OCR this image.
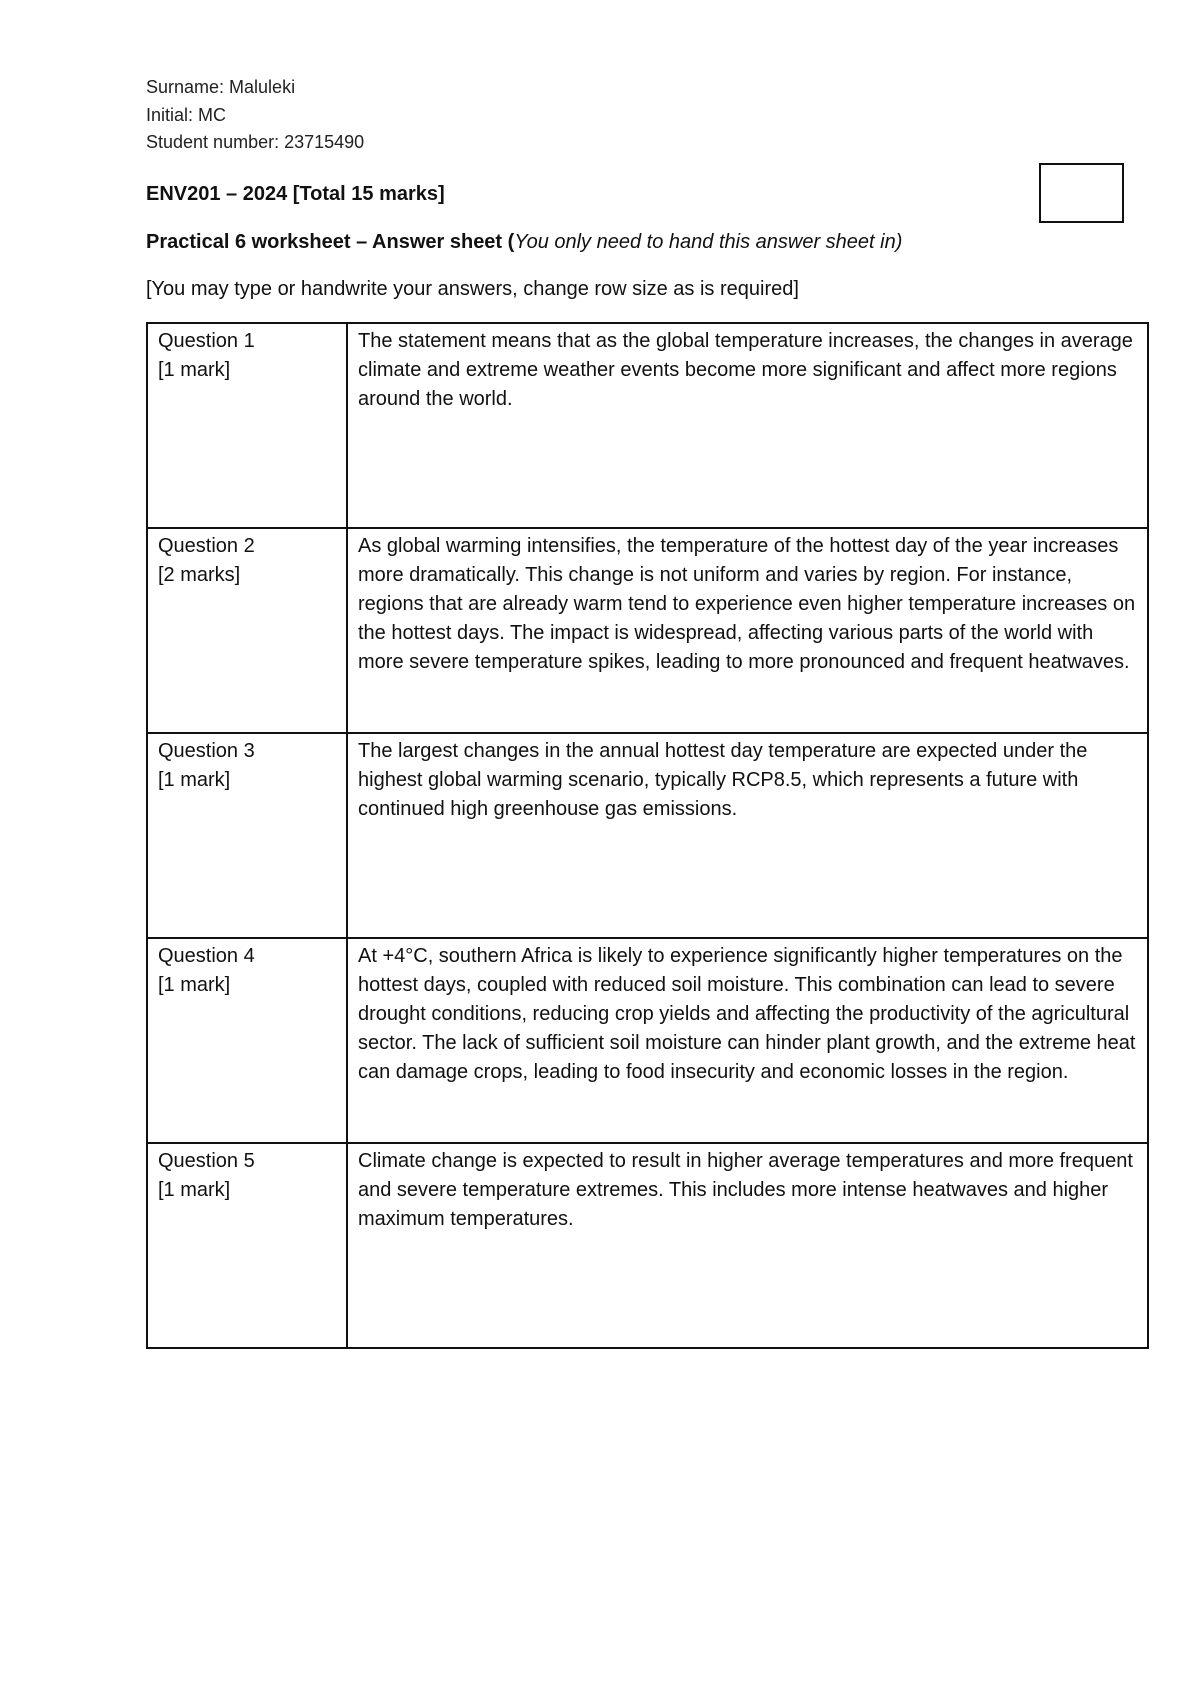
Surname: Maluleki
Initial: MC
Student number: 23715490
ENV201 – 2024 [Total 15 marks]
Practical 6 worksheet – Answer sheet (You only need to hand this answer sheet in)
[You may type or handwrite your answers, change row size as is required]
Question 1
[1 mark]	The statement means that as the global temperature increases, the changes in average climate and extreme weather events become more significant and affect more regions around the world.

Question 2
[2 marks]	As global warming intensifies, the temperature of the hottest day of the year increases more dramatically. This change is not uniform and varies by region. For instance, regions that are already warm tend to experience even higher temperature increases on the hottest days. The impact is widespread, affecting various parts of the world with more severe temperature spikes, leading to more pronounced and frequent heatwaves.

Question 3
[1 mark]	The largest changes in the annual hottest day temperature are expected under the highest global warming scenario, typically RCP8.5, which represents a future with continued high greenhouse gas emissions.

Question 4
[1 mark]	At +4°C, southern Africa is likely to experience significantly higher temperatures on the hottest days, coupled with reduced soil moisture. This combination can lead to severe drought conditions, reducing crop yields and affecting the productivity of the agricultural sector. The lack of sufficient soil moisture can hinder plant growth, and the extreme heat can damage crops, leading to food insecurity and economic losses in the region.

Question 5
[1 mark]	Climate change is expected to result in higher average temperatures and more frequent and severe temperature extremes. This includes more intense heatwaves and higher maximum temperatures.
